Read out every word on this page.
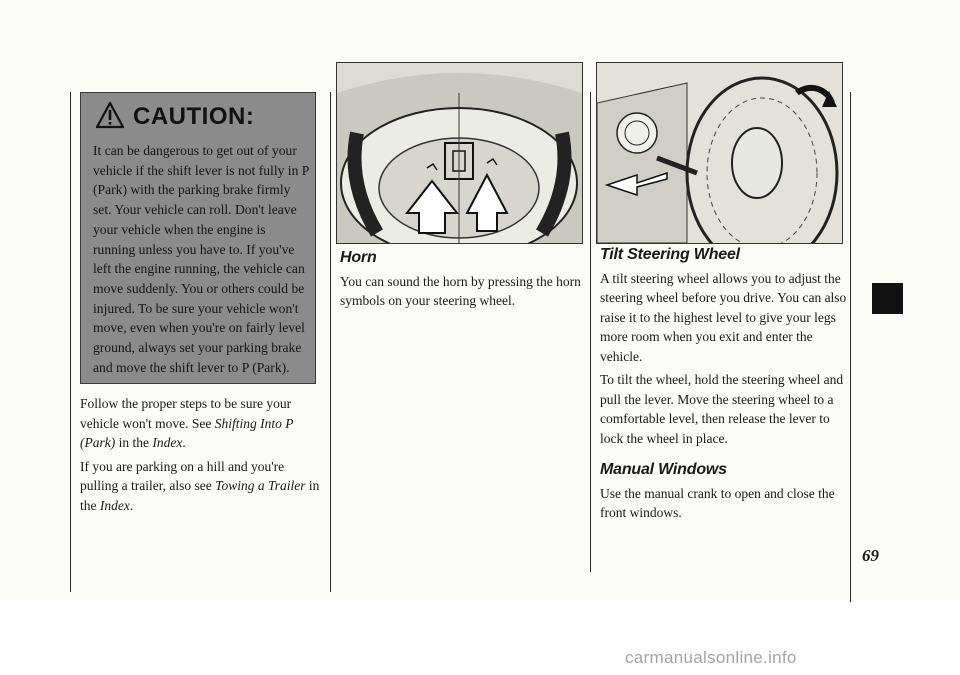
CAUTION:

It can be dangerous to get out of your vehicle if the shift lever is not fully in P (Park) with the parking brake firmly set. Your vehicle can roll. Don't leave your vehicle when the engine is running unless you have to. If you've left the engine running, the vehicle can move suddenly. You or others could be injured. To be sure your vehicle won't move, even when you're on fairly level ground, always set your parking brake and move the shift lever to P (Park).

Follow the proper steps to be sure your vehicle won't move. See Shifting Into P (Park) in the Index.

If you are parking on a hill and you're pulling a trailer, also see Towing a Trailer in the Index.

Horn

You can sound the horn by pressing the horn symbols on your steering wheel.

Tilt Steering Wheel

A tilt steering wheel allows you to adjust the steering wheel before you drive. You can also raise it to the highest level to give your legs more room when you exit and enter the vehicle.

To tilt the wheel, hold the steering wheel and pull the lever. Move the steering wheel to a comfortable level, then release the lever to lock the wheel in place.

Manual Windows

Use the manual crank to open and close the front windows.

69
carmanualsonline.info
